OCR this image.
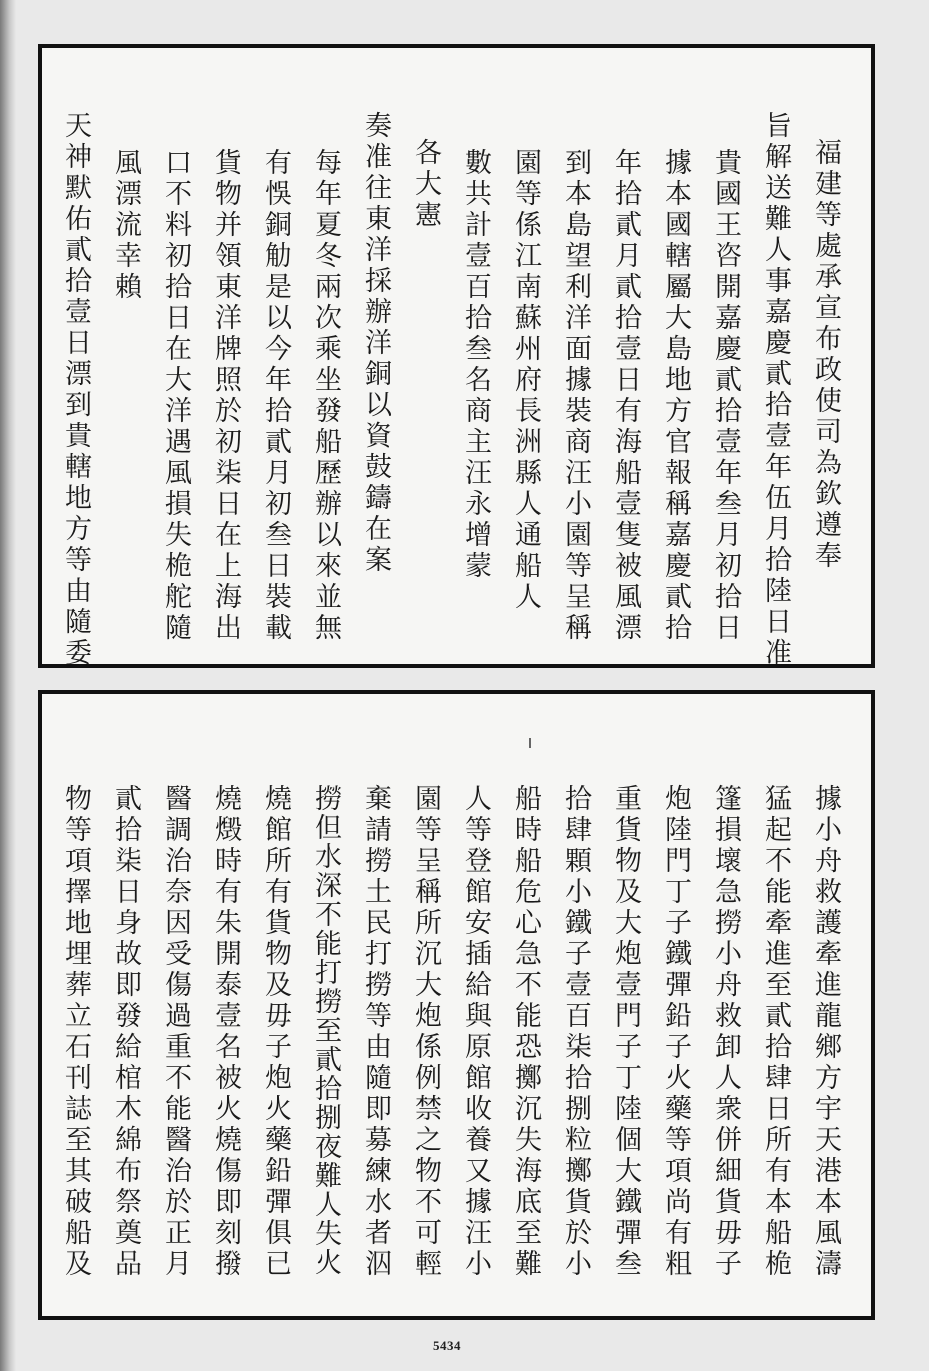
福建等處承宣布政使司為欽遵奉
旨解送難人事嘉慶貳拾壹年伍月拾陸日准
貴國王咨開嘉慶貳拾壹年叁月初拾日
據本國轄屬大島地方官報稱嘉慶貳拾
年拾貳月貳拾壹日有海船壹隻被風漂
到本島望利洋面據裝商汪小園等呈稱
園等係江南蘇州府長洲縣人通船人
數共計壹百拾叁名商主汪永增蒙
各大憲
奏准往東洋採辦洋銅以資鼓鑄在案
每年夏冬兩次乘坐發船歷辦以來並無
有悞銅觔是以今年拾貳月初叁日裝載
貨物并領東洋牌照於初柒日在上海出
口不料初拾日在大洋遇風損失桅舵隨
風漂流幸賴
天神默佑貳拾壹日漂到貴轄地方等由隨委
據小舟救護牽進龍鄉方宇天港本風濤
猛起不能牽進至貳拾肆日所有本船桅
篷損壞急撈小舟救卸人衆併細貨毋子
炮陸門丁子鐵彈鉛子火藥等項尚有粗
重貨物及大炮壹門子丁陸個大鐵彈叁
拾肆顆小鐵子壹百柒拾捌粒擲貨於小
船時船危心急不能恐擲沉失海底至難
人等登館安插給與原館收養又據汪小
園等呈稱所沉大炮係例禁之物不可輕
棄請撈土民打撈等由隨即募練水者泅
撈但水深不能打撈至貳拾捌夜難人失火
燒館所有貨物及毋子炮火藥鉛彈俱已
燒燬時有朱開泰壹名被火燒傷即刻撥
醫調治奈因受傷過重不能醫治於正月
貳拾柒日身故即發給棺木綿布祭奠品
物等項擇地埋葬立石刊誌至其破船及
5434
